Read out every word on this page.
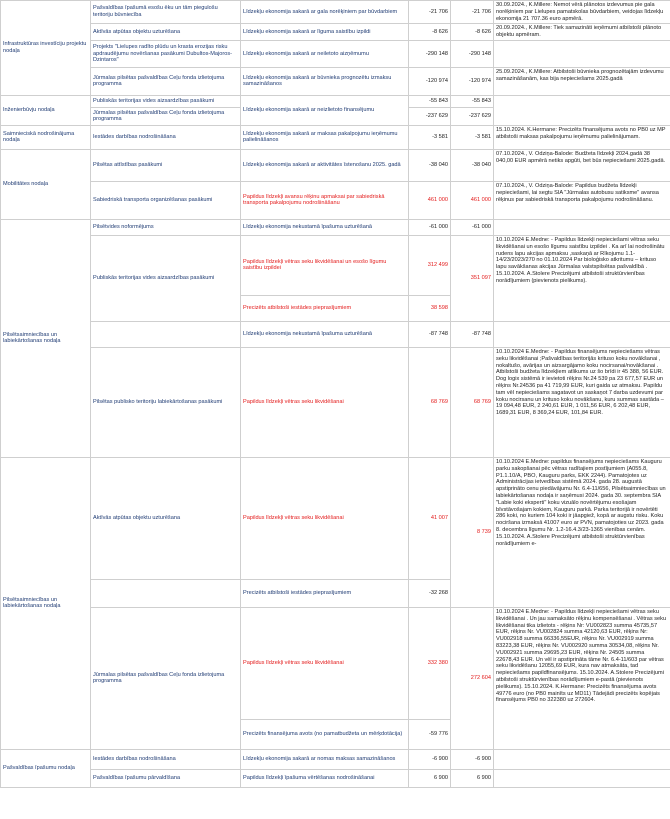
Infrastruktūras investīciju projektu nodaļa	Pašvaldības īpašumā esošu ēku un tām piegulošu teritoriju būvniecība	Līdzekļu ekonomija sakarā ar gala norēķiniem par būvdarbiem	-21 706	-21 706	30.09.2024., K.Millere: Nemot vērā plānotos izdevumus pie gala norēķiniem par Lielupes pamatskolas būvdarbiem, veidojas līdzekļu ekonomija 21 707.36 euro apmērā.
	Aktīvās atpūtas objektu uzturēšana	Līdzekļu ekonomija sakarā ar līguma saistību izpildi	-8 626	-8 626	20.09.2024., K.Millere: Tiek samazināti ieņēmumi atbilstoši plānoto objektu apmēram.
	Projekts "Lielupes radīto plūdu un krasta erozijas risku apdraudējumu novēršanas pasākumi Dubultos-Majoros-Dzintaros"	Līdzekļu ekonomija sakarā ar neiletoto aizņēmumu	-290 148	-290 148	
	Jūrmalas pilsētas pašvaldības Ceļu fonda izlietojuma programma	Līdzekļu ekonomija sakarā ar būvnieka prognozētu izmaksu samazināšanos	-120 974	-120 974	25.09.2024., K.Millere: Atbilstoši būvnieka prognozētajām izdevumu samazināšanām, kas bija nepieciešams 2025.gadā
Inženierbūvju nodaļa	Publiskās teritorijas vides aizsardzības pasākumi	Līdzekļu ekonomija sakarā ar neizlietoto finansējumu	-55 843	-55 843	
	Jūrmalas pilsētas pašvaldības Ceļu fonda izlietojuma programma		-237 629	-237 629	
Saimnieciskā nodrošinājuma nodaļa	Iestādes darbības nodrošināšana	Līdzekļu ekonomija sakarā ar maksas pakalpojumu ieņēmumu palielināšanos	-3 581	-3 581	15.10.2024. K.Hermane: Precizēts finansējuma avots no PB0 uz MP atbilstoši maksas pakalpojumu ieņēmumu palielinājumam.
Mobilitātes nodaļa	Pilsētas attīstības pasākumi	Līdzekļu ekonomija sakarā ar aktivitātes īstenošanu 2025. gadā	-38 040	-38 040	07.10.2024., V. Odziņa-Balode: Budžeta līdzekļi 2024.gadā 38 040,00 EUR apmērā netiks apgūti, bet būs nepieciešami 2025.gadā.
	Sabiedriskā transporta organizēšanas pasākumi	Papildus līdzekļi avansu rēķinu apmaksai par sabiedriskā transporta pakalpojumu nodrošināšanu	461 000	461 000	07.10.2024., V. Odziņa-Balode: Papildus budžeta līdzekļi nepieciešami, lai segtu SIA "Jūrmalas autobusu satiksme" avansa rēķinus par sabiedriskā transporta pakalpojumu nodrošināšanu.
Pilsētsaimniecības un labiekārtošanas nodaļa	Pilsētvides noformējums	Līdzekļu ekonomija nekustamā īpašuma uzturēšanā	-61 000	-61 000	
	Publiskās teritorijas vides aizsardzības pasākumi	Papildus līdzekļi vētras seku likvidēšanai un esošo līgumu saistību izpildei	312 499	351 097	10.10.2024 E.Medne: - Papildus līdzekļi nepieciešami vētras seku likvidēšanai un esošo līgumu saistību izpildei . Ka arī lai nodrošinātu rudens lapu akcijas apmaksu ,saskaņā ar Rīkojumu 1.1-14/23/2023/270 no 01.10.2024 Par bioloģisko atkritumu – krituso lapu savākšanas akcijas Jūrmalas valstspilsētas pašvaldībā . 15.10.2024. A.Stolere Precizējumi atbilstoši struktūrvienības norādījumiem (pievienots pielikums).
		Precizēts atbilstoši iestādes pieprasījumiem	38 598		
		Līdzekļu ekonomija nekustamā īpašuma uzturēšanā	-87 748	-87 748	
	Pilsētas publisko teritoriju labiekārtošanas pasākumi	Papildus līdzekļi vētras seku likvidēšanai	68 769	68 769	10.10.2024 E.Medne: - Papildus finansējums nepieciešams vētras seku likvidēšanai ;Pašvaldības teritorijās krituso koku novākšanai , nokaltušo, avārijas un aizsargājamo koku nocirsanai/novākšanai . Atbilstoši budžeta līdzekļiem atlikums uz šo brīdi ir 45 388, 56 EUR. Dog logix sistēmā ir ievietoti rēķins Nr.24 539 pa 23 677,57 EUR un rēķins Nr.24536 pa 41 719,99 EUR, kuri gaida uz atmaksu. Papildu tam vēl nepieciešams sagatavot un saskaņot 7 darba uzdevumi par koku nocirsanu un krituso koku novākšanu, kuru summas sastāda – 19 094,48 EUR, 2 240,61 EUR, 1 011,56 EUR, 6 202,48 EUR, 1689,31 EUR, 8 369,24 EUR, 101,84 EUR.
Pilsētsaimniecības un labiekārtošanas nodaļa	Aktīvās atpūtas objektu uzturēšana	Papildus līdzekļi vētras seku likvidēšanai	41 007	8 739	10.10.2024 E.Medne: papildus finansējums nepieciešams Kauguru parku sakopšanai pēc vētras radītajiem postījumiem (A055.8, P1.1.10/A, PBO, Kauguru parks, EKK 2244). Pamatojotes uz Administrācijas ietvedības sistēmā 2024. gada 28. augustā apstiprināto cenu piedāvājumu Nr. 6.4-11/656, Pilsētsaimniecības un labiekārtošanas nodaļa ir saņēmusi 2024. gada 30. septembra SIA "Labie koki eksperti" koku vizuālo novērtējumu esošajam bīvstāvošajam kokiem, Kauguru parkā. Parka teritorijā ir novērtēti 286 koki, no kuriem 104 koki ir jāapgiež, kopā ar augstu risku. Koku nociršana izmaksā 41007 euro ar PVN, pamatojoties uz 2023. gada 8. decembra līgumu Nr. 1.2-16.4.3/23-1365 vienības cenām. 15.10.2024. A.Stolere Precizējumi atbilstoši struktūrvienības norādījumiem e-
		Precizēts atbilstoši iestādes pieprasījumiem	-32 268		
	Jūrmalas pilsētas pašvaldības Ceļu fonda izlietojuma programma	Papildus līdzekļi vētras seku likvidēšanai	332 380	272 604	10.10.2024 E.Medne: - Papildus līdzekļi nepieciešami vētras seku likvidēšanai . Un jau samaksāto rēķinu kompensēšanai . Vētras seku likvidēšanai tika izlietots - rēķins Nr: VU002823 summa 45735,57 EUR, rēķins Nr. VU002824 summa 42120,63 EUR, rēķins Nr: VU002918 summa 66336,55EUR, rēķins Nr. VU002919 summa 83223,38 EUR, rēķins Nr. VU002920 summa 30534,08, rēķins Nr. VU002921 summa 29695,23 EUR, rēķins Nr. 24505 summa 22678,43 EUR. Un vēl ir apstiprināta tāme Nr. 6.4-11/603 par vētras seku likvidēšanu 12055,69 EUR, kura nav atmaksāta, tad nepieciešams papildfinansējums. 15.10.2024. A.Stolere Precizējumi atbilstoši struktūrvienības norādījumiem e-pastā (pievienots pielikums). 15.10.2024. K.Hermane: Precizēts finansējuma avots 49776 euro (no PB0 mainīts uz MD11) Tādejādi precizēts kopējais finansējums PB0 no 322380 uz 272604.
		Precizēts finansējuma avots (no pamatbudžeta un mērķdotācija)	-59 776		
Pašvaldības īpašumu nodaļa	Iestādes darbības nodrošināšana	Līdzekļu ekonomija sakarā ar nomas maksas samazināšanos	-6 900	-6 900	
	Pašvaldības īpašumu pārvaldīšana	Papildus līdzekļi īpašuma vērtēšanas nodrošināšanai	6 900	6 900	
